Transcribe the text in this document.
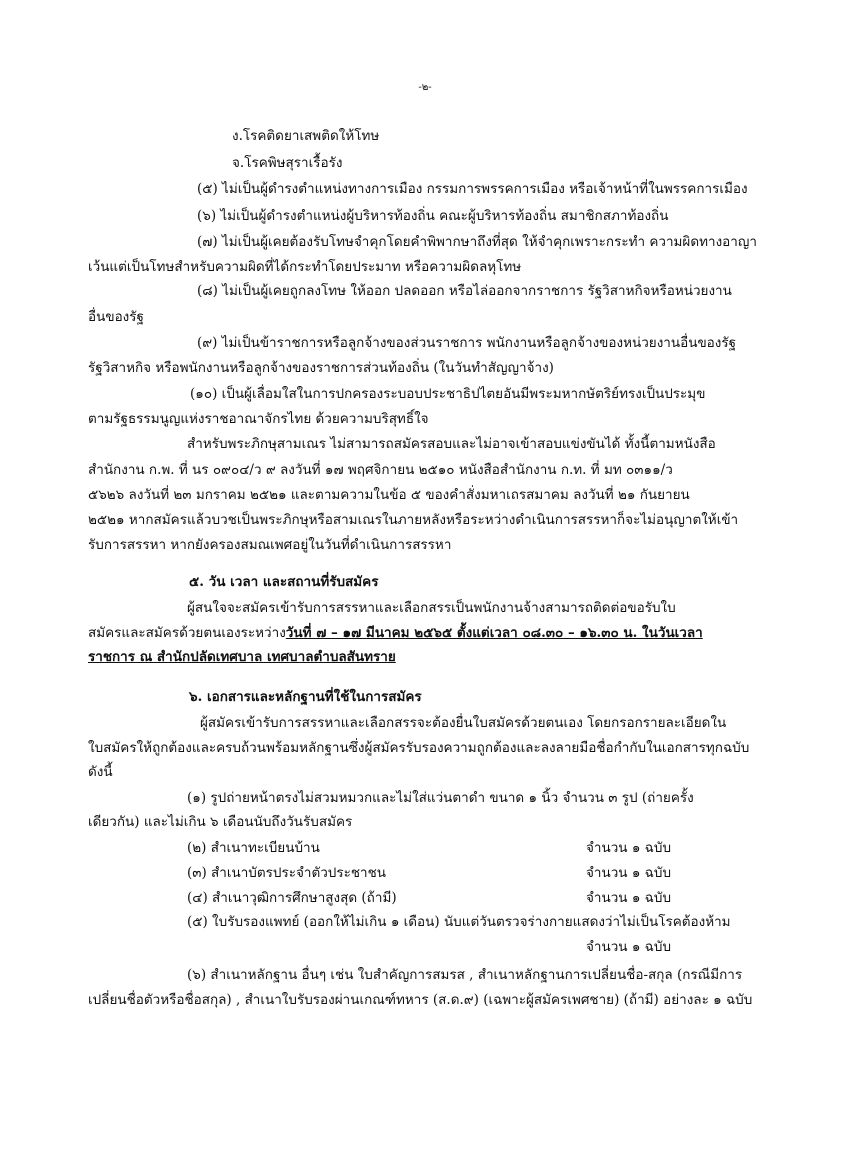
-๒-
ง.โรคติดยาเสพติดให้โทษ
จ.โรคพิษสุราเรื้อรัง
(๕) ไม่เป็นผู้ดำรงตำแหน่งทางการเมือง กรรมการพรรคการเมือง หรือเจ้าหน้าที่ในพรรคการเมือง
(๖) ไม่เป็นผู้ดำรงตำแหน่งผู้บริหารท้องถิ่น คณะผู้บริหารท้องถิ่น สมาชิกสภาท้องถิ่น
(๗) ไม่เป็นผู้เคยต้องรับโทษจำคุกโดยคำพิพากษาถึงที่สุด ให้จำคุกเพราะกระทำ ความผิดทางอาญา
เว้นแต่เป็นโทษสำหรับความผิดที่ได้กระทำโดยประมาท หรือความผิดลหุโทษ
(๘) ไม่เป็นผู้เคยถูกลงโทษ ให้ออก ปลดออก หรือไล่ออกจากราชการ รัฐวิสาหกิจหรือหน่วยงาน
อื่นของรัฐ
(๙) ไม่เป็นข้าราชการหรือลูกจ้างของส่วนราชการ พนักงานหรือลูกจ้างของหน่วยงานอื่นของรัฐ
รัฐวิสาหกิจ หรือพนักงานหรือลูกจ้างของราชการส่วนท้องถิ่น (ในวันทำสัญญาจ้าง)
(๑๐) เป็นผู้เลื่อมใสในการปกครองระบอบประชาธิปไตยอันมีพระมหากษัตริย์ทรงเป็นประมุข
ตามรัฐธรรมนูญแห่งราชอาณาจักรไทย ด้วยความบริสุทธิ์ใจ
สำหรับพระภิกษุสามเณร ไม่สามารถสมัครสอบและไม่อาจเข้าสอบแข่งขันได้ ทั้งนี้ตามหนังสือ
สำนักงาน ก.พ. ที่ นร ๐๙๐๔/ว ๙ ลงวันที่ ๑๗ พฤศจิกายน ๒๕๑๐ หนังสือสำนักงาน ก.ท. ที่ มท ๐๓๑๑/ว
๕๖๒๖ ลงวันที่ ๒๓ มกราคม ๒๕๒๑ และตามความในข้อ ๕ ของคำสั่งมหาเถรสมาคม ลงวันที่ ๒๑ กันยายน
๒๕๒๑ หากสมัครแล้วบวชเป็นพระภิกษุหรือสามเณรในภายหลังหรือระหว่างดำเนินการสรรหาก็จะไม่อนุญาตให้เข้า
รับการสรรหา หากยังครองสมณเพศอยู่ในวันที่ดำเนินการสรรหา
๕. วัน เวลา และสถานที่รับสมัคร
ผู้สนใจจะสมัครเข้ารับการสรรหาและเลือกสรรเป็นพนักงานจ้างสามารถติดต่อขอรับใบ
สมัครและสมัครด้วยตนเองระหว่างวันที่ ๗ – ๑๗ มีนาคม ๒๕๖๕ ตั้งแต่เวลา ๐๘.๓๐ – ๑๖.๓๐ น. ในวันเวลา
ราชการ ณ สำนักปลัดเทศบาล เทศบาลตำบลสันทราย
๖. เอกสารและหลักฐานที่ใช้ในการสมัคร
ผู้สมัครเข้ารับการสรรหาและเลือกสรรจะต้องยื่นใบสมัครด้วยตนเอง โดยกรอกรายละเอียดใน
ใบสมัครให้ถูกต้องและครบถ้วนพร้อมหลักฐานซึ่งผู้สมัครรับรองความถูกต้องและลงลายมือชื่อกำกับในเอกสารทุกฉบับ
ดังนี้
(๑) รูปถ่ายหน้าตรงไม่สวมหมวกและไม่ใส่แว่นตาดำ ขนาด ๑ นิ้ว จำนวน ๓ รูป (ถ่ายครั้ง
เดียวกัน) และไม่เกิน ๖ เดือนนับถึงวันรับสมัคร
(๒) สำเนาทะเบียนบ้าน	จำนวน ๑ ฉบับ
(๓) สำเนาบัตรประจำตัวประชาชน	จำนวน ๑ ฉบับ
(๔) สำเนาวุฒิการศึกษาสูงสุด (ถ้ามี)	จำนวน ๑ ฉบับ
(๕) ใบรับรองแพทย์ (ออกให้ไม่เกิน ๑ เดือน) นับแต่วันตรวจร่างกายแสดงว่าไม่เป็นโรคต้องห้าม
จำนวน ๑ ฉบับ
(๖) สำเนาหลักฐาน อื่นๆ เช่น ใบสำคัญการสมรส , สำเนาหลักฐานการเปลี่ยนชื่อ-สกุล (กรณีมีการ
เปลี่ยนชื่อตัวหรือชื่อสกุล) , สำเนาใบรับรองผ่านเกณฑ์ทหาร (ส.ด.๙) (เฉพาะผู้สมัครเพศชาย) (ถ้ามี) อย่างละ ๑ ฉบับ
